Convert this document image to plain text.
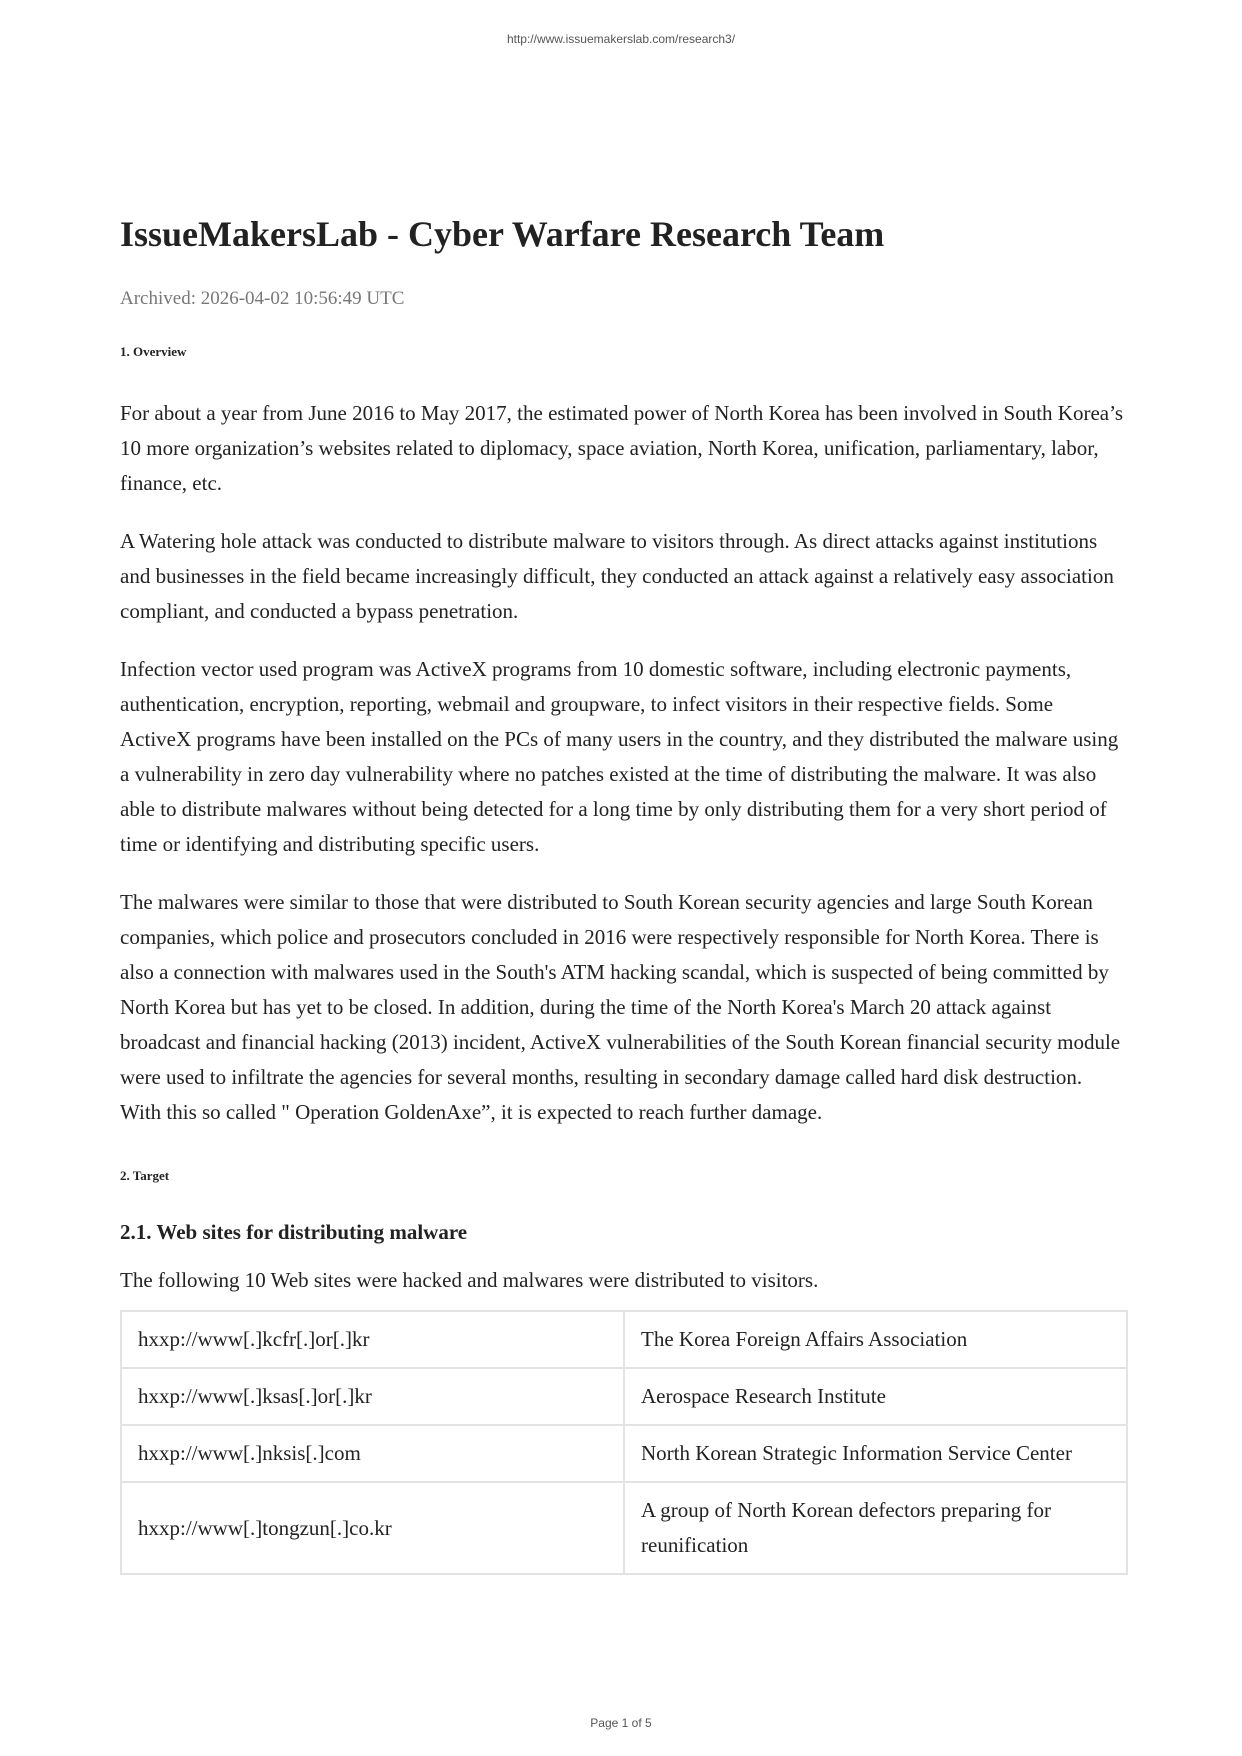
http://www.issuemakerslab.com/research3/
IssueMakersLab - Cyber Warfare Research Team
Archived: 2026-04-02 10:56:49 UTC
1. Overview

For about a year from June 2016 to May 2017, the estimated power of North Korea has been involved in South Korea’s 10 more organization’s websites related to diplomacy, space aviation, North Korea, unification, parliamentary, labor, finance, etc.

A Watering hole attack was conducted to distribute malware to visitors through. As direct attacks against institutions and businesses in the field became increasingly difficult, they conducted an attack against a relatively easy association compliant, and conducted a bypass penetration.

Infection vector used program was ActiveX programs from 10 domestic software, including electronic payments, authentication, encryption, reporting, webmail and groupware, to infect visitors in their respective fields. Some ActiveX programs have been installed on the PCs of many users in the country, and they distributed the malware using a vulnerability in zero day vulnerability where no patches existed at the time of distributing the malware. It was also able to distribute malwares without being detected for a long time by only distributing them for a very short period of time or identifying and distributing specific users.

The malwares were similar to those that were distributed to South Korean security agencies and large South Korean companies, which police and prosecutors concluded in 2016 were respectively responsible for North Korea. There is also a connection with malwares used in the South's ATM hacking scandal, which is suspected of being committed by North Korea but has yet to be closed. In addition, during the time of the North Korea's March 20 attack against broadcast and financial hacking (2013) incident, ActiveX vulnerabilities of the South Korean financial security module were used to infiltrate the agencies for several months, resulting in secondary damage called hard disk destruction. With this so called " Operation GoldenAxe”, it is expected to reach further damage.

2. Target
2.1. Web sites for distributing malware

The following 10 Web sites were hacked and malwares were distributed to visitors.

hxxp://www[.]kcfr[.]or[.]kr	The Korea Foreign Affairs Association
hxxp://www[.]ksas[.]or[.]kr	Aerospace Research Institute
hxxp://www[.]nksis[.]com	North Korean Strategic Information Service Center
hxxp://www[.]tongzun[.]co.kr	A group of North Korean defectors preparing for reunification
Page 1 of 5
